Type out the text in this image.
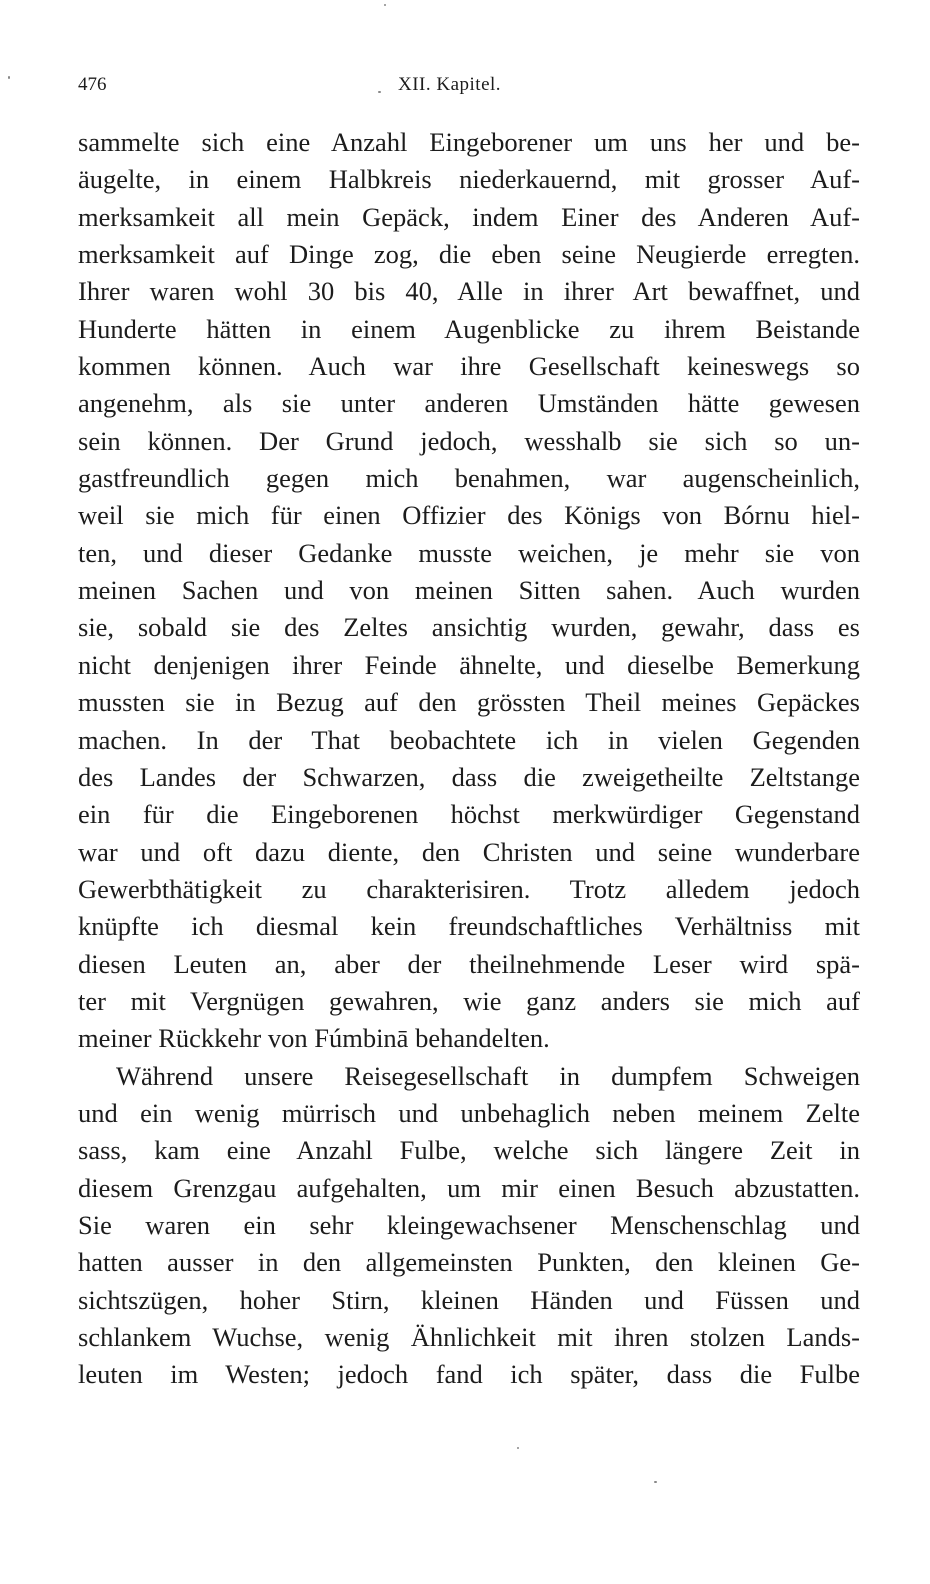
476	XII. Kapitel.
sammelte sich eine Anzahl Eingeborener um uns her und be-
äugelte, in einem Halbkreis niederkauernd, mit grosser Auf-
merksamkeit all mein Gepäck, indem Einer des Anderen Auf-
merksamkeit auf Dinge zog, die eben seine Neugierde erregten.
Ihrer waren wohl 30 bis 40, Alle in ihrer Art bewaffnet, und
Hunderte hätten in einem Augenblicke zu ihrem Beistande
kommen können. Auch war ihre Gesellschaft keineswegs so
angenehm, als sie unter anderen Umständen hätte gewesen
sein können. Der Grund jedoch, wesshalb sie sich so un-
gastfreundlich gegen mich benahmen, war augenscheinlich,
weil sie mich für einen Offizier des Königs von Bórnu hiel-
ten, und dieser Gedanke musste weichen, je mehr sie von
meinen Sachen und von meinen Sitten sahen. Auch wurden
sie, sobald sie des Zeltes ansichtig wurden, gewahr, dass es
nicht denjenigen ihrer Feinde ähnelte, und dieselbe Bemerkung
mussten sie in Bezug auf den grössten Theil meines Gepäckes
machen. In der That beobachtete ich in vielen Gegenden
des Landes der Schwarzen, dass die zweigetheilte Zeltstange
ein für die Eingeborenen höchst merkwürdiger Gegenstand
war und oft dazu diente, den Christen und seine wunderbare
Gewerbthätigkeit zu charakterisiren. Trotz alledem jedoch
knüpfte ich diesmal kein freundschaftliches Verhältniss mit
diesen Leuten an, aber der theilnehmende Leser wird spä-
ter mit Vergnügen gewahren, wie ganz anders sie mich auf
meiner Rückkehr von Fúmbinā behandelten.
Während unsere Reisegesellschaft in dumpfem Schweigen
und ein wenig mürrisch und unbehaglich neben meinem Zelte
sass, kam eine Anzahl Fulbe, welche sich längere Zeit in
diesem Grenzgau aufgehalten, um mir einen Besuch abzustatten.
Sie waren ein sehr kleingewachsener Menschenschlag und
hatten ausser in den allgemeinsten Punkten, den kleinen Ge-
sichtszügen, hoher Stirn, kleinen Händen und Füssen und
schlankem Wuchse, wenig Ähnlichkeit mit ihren stolzen Lands-
leuten im Westen; jedoch fand ich später, dass die Fulbe
